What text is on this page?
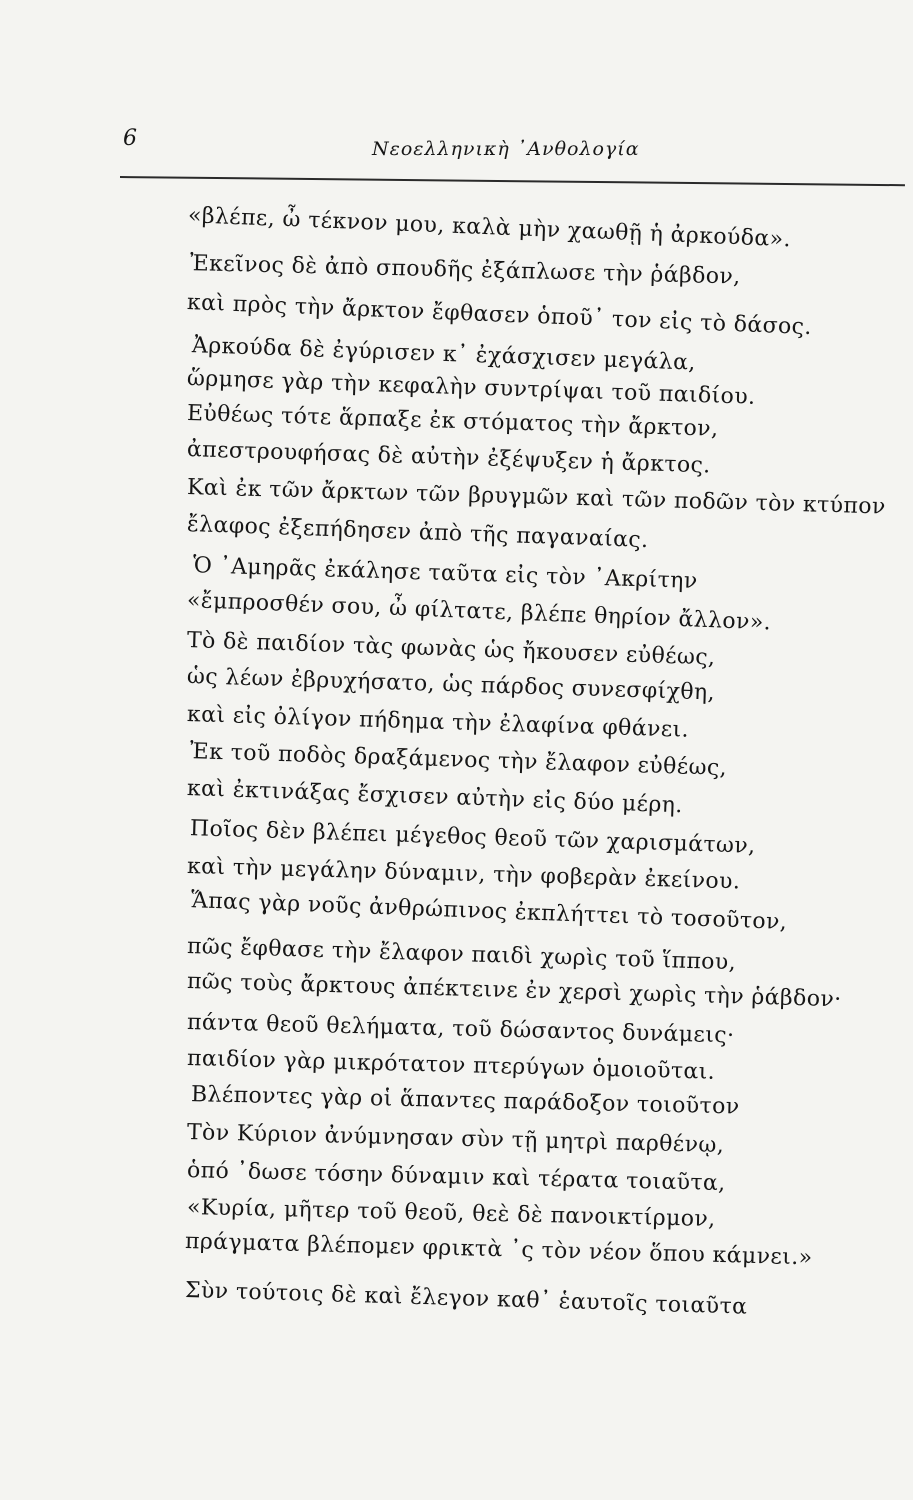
6	Νεοελληνικὴ ᾿Ανθολογία
«βλέπε, ὦ τέκνον μου, καλὰ μὴν χαωθῇ ἡ ἀρκούδα».
Ἐκεῖνος δὲ ἀπὸ σπουδῆς ἐξάπλωσε τὴν ῥάβδον,
καὶ πρὸς τὴν ἄρκτον ἔφθασεν ὁποῦ᾿ τον εἰς τὸ δάσος.
Ἀρκούδα δὲ ἐγύρισεν κ᾿ ἐχάσχισεν μεγάλα,
ὥρμησε γὰρ τὴν κεφαλὴν συντρίψαι τοῦ παιδίου.
Εὐθέως τότε ἅρπαξε ἐκ στόματος τὴν ἄρκτον,
ἀπεστρουφήσας δὲ αὐτὴν ἐξέψυξεν ἡ ἄρκτος.
Καὶ ἐκ τῶν ἄρκτων τῶν βρυγμῶν καὶ τῶν ποδῶν τὸν κτύπον
ἔλαφος ἐξεπήδησεν ἀπὸ τῆς παγαναίας.
Ὁ ᾿Αμηρᾶς ἐκάλησε ταῦτα εἰς τὸν ᾿Ακρίτην
«ἔμπροσθέν σου, ὦ φίλτατε, βλέπε θηρίον ἄλλον».
Τὸ δὲ παιδίον τὰς φωνὰς ὡς ἤκουσεν εὐθέως,
ὡς λέων ἐβρυχήσατο, ὡς πάρδος συνεσφίχθη,
καὶ εἰς ὀλίγον πήδημα τὴν ἐλαφίνα φθάνει.
Ἐκ τοῦ ποδὸς δραξάμενος τὴν ἔλαφον εὐθέως,
καὶ ἐκτινάξας ἔσχισεν αὐτὴν εἰς δύο μέρη.
Ποῖος δὲν βλέπει μέγεθος θεοῦ τῶν χαρισμάτων,
καὶ τὴν μεγάλην δύναμιν, τὴν φοβερὰν ἐκείνου.
Ἅπας γὰρ νοῦς ἀνθρώπινος ἐκπλήττει τὸ τοσοῦτον,
πῶς ἔφθασε τὴν ἔλαφον παιδὶ χωρὶς τοῦ ἵππου,
πῶς τοὺς ἄρκτους ἀπέκτεινε ἐν χερσὶ χωρὶς τὴν ῥάβδον·
πάντα θεοῦ θελήματα, τοῦ δώσαντος δυνάμεις·
παιδίον γὰρ μικρότατον πτερύγων ὁμοιοῦται.
Βλέποντες γὰρ οἱ ἅπαντες παράδοξον τοιοῦτον
Τὸν Κύριον ἀνύμνησαν σὺν τῇ μητρὶ παρθένῳ,
ὁπό ᾿δωσε τόσην δύναμιν καὶ τέρατα τοιαῦτα,
«Κυρία, μῆτερ τοῦ θεοῦ, θεὲ δὲ πανοικτίρμον,
πράγματα βλέπομεν φρικτὰ ᾿ς τὸν νέον ὅπου κάμνει.»
Σὺν τούτοις δὲ καὶ ἔλεγον καθ᾿ ἑαυτοῖς τοιαῦτα
